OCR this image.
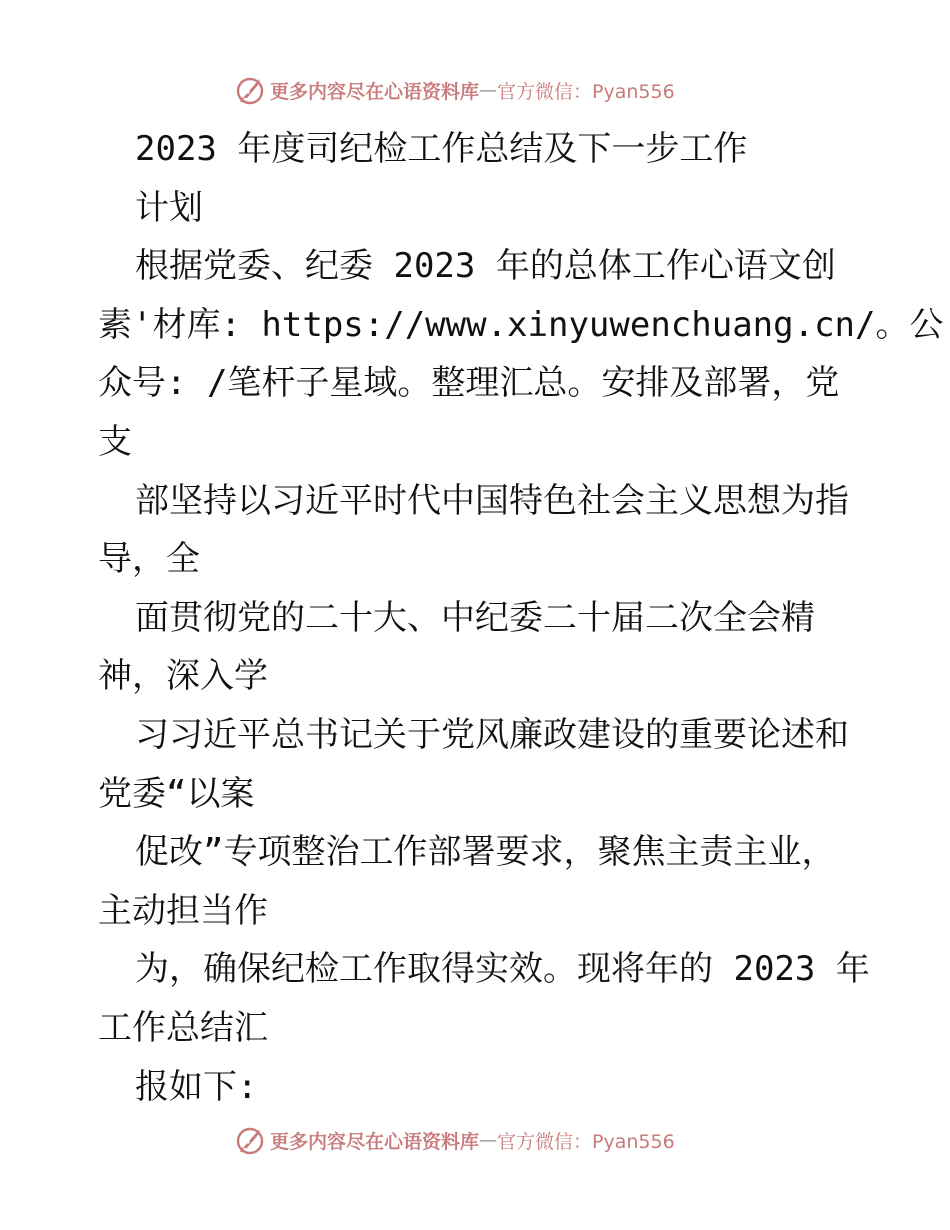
更多内容尽在心语资料库 — 官方微信：Pyan556
2023 年度司纪检工作总结及下一步工作
计划
根据党委、纪委 2023 年的总体工作心语文创
素'材库: https://www.xinyuwenchuang.cn/。公
众号: /笔杆子星域。整理汇总。安排及部署，党
支
部坚持以习近平时代中国特色社会主义思想为指
导，全
面贯彻党的二十大、中纪委二十届二次全会精
神，深入学
习习近平总书记关于党风廉政建设的重要论述和
党委“以案
促改”专项整治工作部署要求，聚焦主责主业，
主动担当作
为，确保纪检工作取得实效。现将年的 2023 年
工作总结汇
报如下:
更多内容尽在心语资料库 — 官方微信：Pyan556
